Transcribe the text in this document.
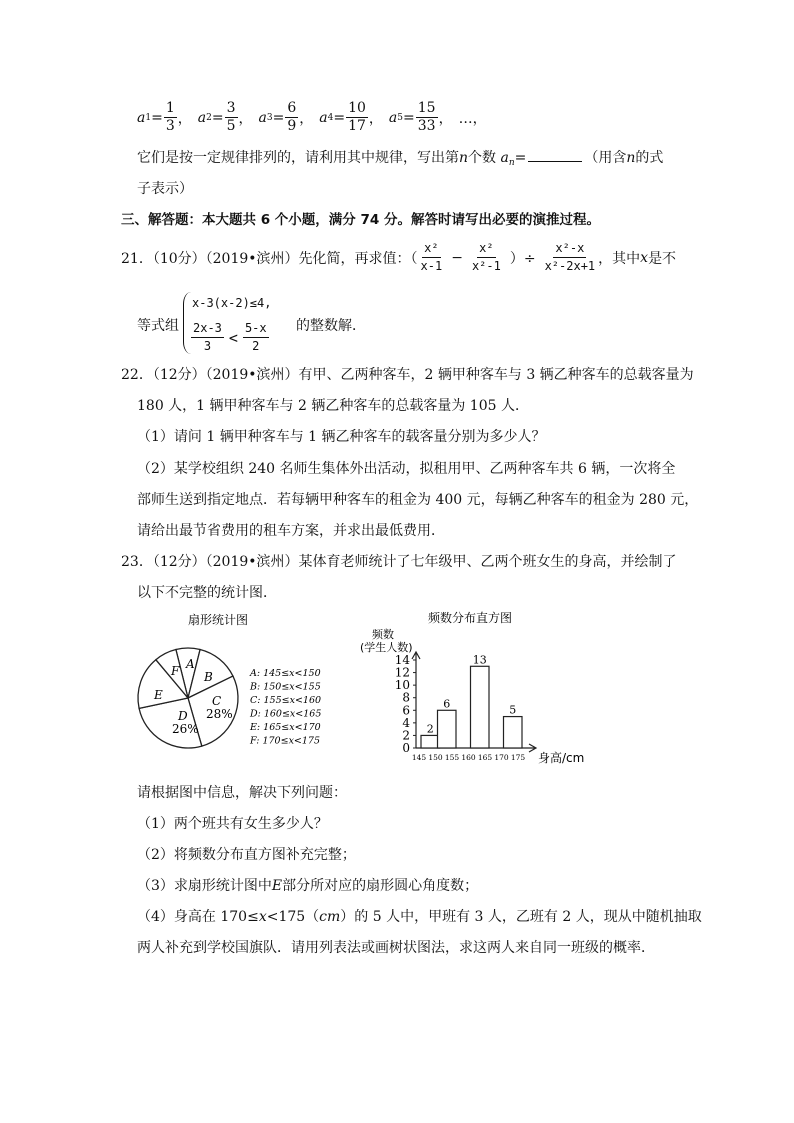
a $1 = \frac{1}{3}$ ， a $2 = \frac{3}{5}$ ， a $3 = \frac{6}{9}$ ， a $4 = \frac{10}{17}$ ， a $5 = \frac{15}{33}$ ， …，
它们是按一定规律排列的，请利用其中规律，写出第n个数 $a_n=$	（用含n的式
子表示）
三、解答题：本大题共 6 个小题，满分 74 分。解答时请写出必要的演推过程。
21．（10分）（2019•滨州）先化简，再求值：（ $\frac{\text{x²}}{x-1} - \frac{\text{x²}}{\text{x²-1}}$ ）÷ $\frac{\text{x²-x}}{\text{x²-2x+1}}$ ，其中 x 是不
等式组
x-3(x-2)≤4,
$\frac{2x-3}{3} < \frac{5-x}{2}$ 的整数解．
22．（12分）（2019•滨州）有甲、乙两种客车，2 辆甲种客车与 3 辆乙种客车的总载客量为
180 人，1 辆甲种客车与 2 辆乙种客车的总载客量为 105 人．
（1）请问 1 辆甲种客车与 1 辆乙种客车的载客量分别为多少人？
（2）某学校组织 240 名师生集体外出活动，拟租用甲、乙两种客车共 6 辆，一次将全
部师生送到指定地点．若每辆甲种客车的租金为 400 元，每辆乙种客车的租金为 280 元，
请给出最节省费用的租车方案，并求出最低费用．
23．（12分）（2019•滨州）某体育老师统计了七年级甲、乙两个班女生的身高，并绘制了
以下不完整的统计图．
扇形统计图
A
B
C
28%
D
26%
E
F	A: 145≤x<150
B: 150≤x<155
C: 155≤x<160
D: 160≤x<165
E: 165≤x<170
F: 170≤x<175
频数分布直方图
频数
(学生人数)
0
2
4
6
8
10
12
14
145 150 155 160 165 170 175 身高/cm
2
6
13
5
请根据图中信息，解决下列问题：
（1）两个班共有女生多少人？
（2）将频数分布直方图补充完整；
（3）求扇形统计图中E部分所对应的扇形圆心角度数；
（4）身高在 170≤x<175（cm）的 5 人中，甲班有 3 人，乙班有 2 人，现从中随机抽取
两人补充到学校国旗队．请用列表法或画树状图法，求这两人来自同一班级的概率．
